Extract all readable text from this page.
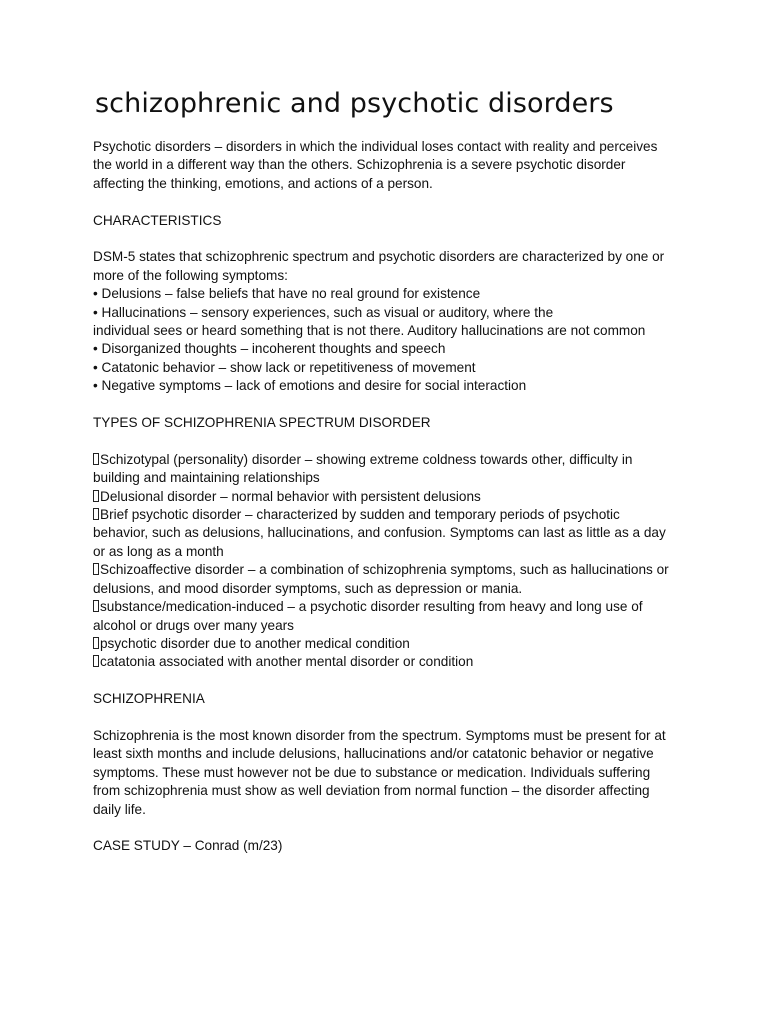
schizophrenic and psychotic disorders

Psychotic disorders – disorders in which the individual loses contact with reality and perceives the world in a different way than the others. Schizophrenia is a severe psychotic disorder affecting the thinking, emotions, and actions of a person.

CHARACTERISTICS

DSM-5 states that schizophrenic spectrum and psychotic disorders are characterized by one or more of the following symptoms:

• Delusions – false beliefs that have no real ground for existence

• Hallucinations – sensory experiences, such as visual or auditory, where the

individual sees or heard something that is not there. Auditory hallucinations are not common

• Disorganized thoughts – incoherent thoughts and speech

• Catatonic behavior – show lack or repetitiveness of movement

• Negative symptoms – lack of emotions and desire for social interaction

TYPES OF SCHIZOPHRENIA SPECTRUM DISORDER

Schizotypal (personality) disorder – showing extreme coldness towards other, difficulty in building and maintaining relationships

Delusional disorder – normal behavior with persistent delusions

Brief psychotic disorder – characterized by sudden and temporary periods of psychotic behavior, such as delusions, hallucinations, and confusion. Symptoms can last as little as a day or as long as a month

Schizoaffective disorder – a combination of schizophrenia symptoms, such as hallucinations or delusions, and mood disorder symptoms, such as depression or mania.

substance/medication-induced – a psychotic disorder resulting from heavy and long use of alcohol or drugs over many years

psychotic disorder due to another medical condition

catatonia associated with another mental disorder or condition

SCHIZOPHRENIA

Schizophrenia is the most known disorder from the spectrum. Symptoms must be present for at least sixth months and include delusions, hallucinations and/or catatonic behavior or negative symptoms. These must however not be due to substance or medication. Individuals suffering from schizophrenia must show as well deviation from normal function – the disorder affecting daily life.

CASE STUDY – Conrad (m/23)
